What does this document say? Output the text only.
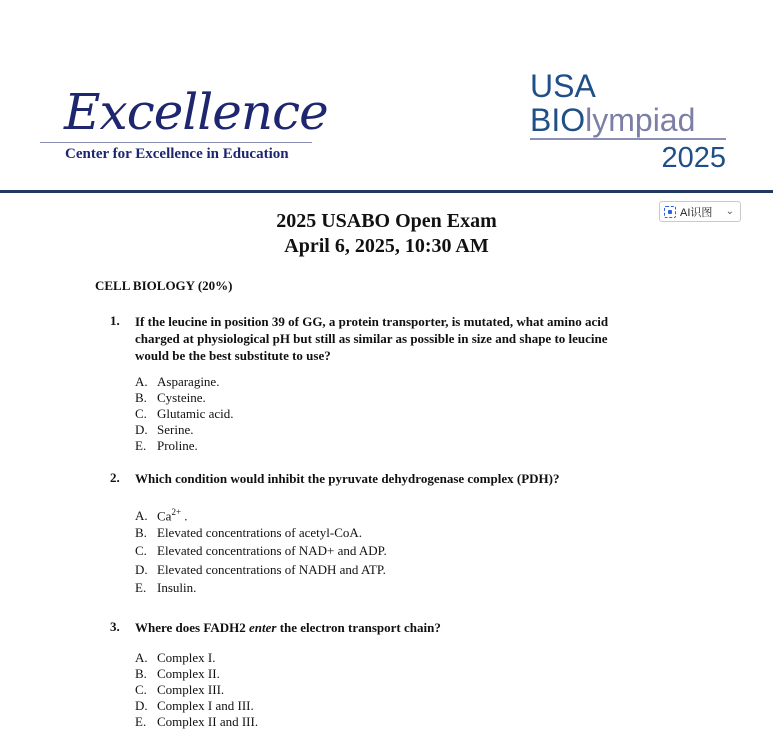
Excellence
Center for Excellence in Education
USA
BIOlympiad
2025
AI识图 ⌄
2025 USABO Open Exam
April 6, 2025, 10:30 AM
CELL BIOLOGY (20%)
1. If the leucine in position 39 of GG, a protein transporter, is mutated, what amino acid
charged at physiological pH but still as similar as possible in size and shape to leucine
would be the best substitute to use?
A. Asparagine.
B. Cysteine.
C. Glutamic acid.
D. Serine.
E. Proline.
2. Which condition would inhibit the pyruvate dehydrogenase complex (PDH)?
A. $Ca^{2+}$ .
B. Elevated concentrations of acetyl-CoA.
C. Elevated concentrations of NAD+ and ADP.
D. Elevated concentrations of NADH and ATP.
E. Insulin.
3. Where does FADH2 enter the electron transport chain?
A. Complex I.
B. Complex II.
C. Complex III.
D. Complex I and III.
E. Complex II and III.
